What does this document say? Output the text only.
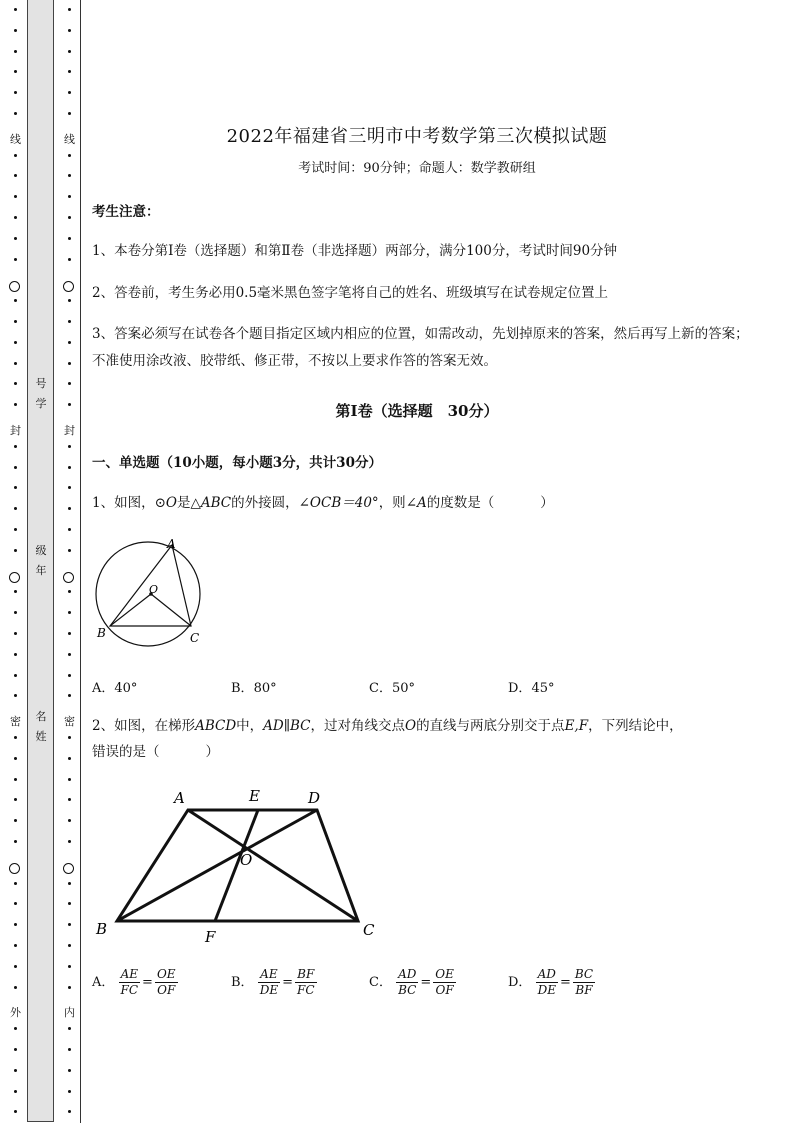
线
封
密
外
线
封
密
内
号
学
级
年
名
姓
2022年福建省三明市中考数学第三次模拟试题
考试时间：90分钟；命题人：数学教研组
考生注意：
1、本卷分第Ⅰ卷（选择题）和第Ⅱ卷（非选择题）两部分，满分100分，考试时间90分钟
2、答卷前，考生务必用0.5毫米黑色签字笔将自己的姓名、班级填写在试卷规定位置上
3、答案必须写在试卷各个题目指定区域内相应的位置，如需改动，先划掉原来的答案，然后再写上新的答案；不准使用涂改液、胶带纸、修正带，不按以上要求作答的答案无效。
第Ⅰ卷（选择题　30分）
一、单选题（10小题，每小题3分，共计30分）
1、如图，⊙O是△ABC的外接圆，∠OCB＝40°，则∠A的度数是（	）
A
B	C
O
A．40°	B．80°	C．50°	D．45°
2、如图，在梯形ABCD中，AD∥BC，过对角线交点O的直线与两底分别交于点E,F，下列结论中，
错误的是（	）
A	E	D
O
B	F	C
A． $\frac{AE}{FC} = \frac{OE}{OF}$	B． $\frac{AE}{DE} = \frac{BF}{FC}$	C． $\frac{AD}{BC} = \frac{OE}{OF}$	D． $\frac{AD}{DE} = \frac{BC}{BF}$
